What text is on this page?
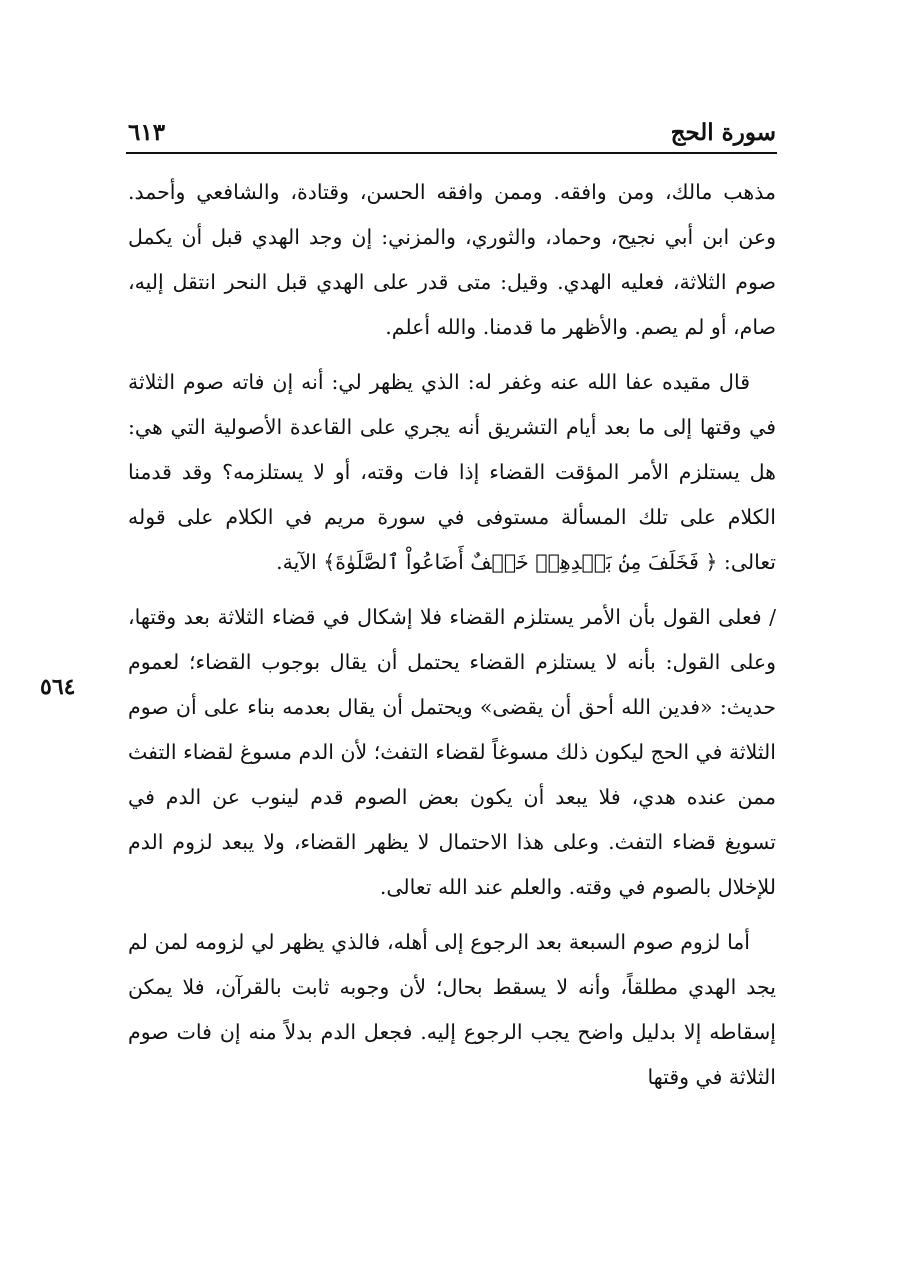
سورة الحج
٦١٣
٥٦٤

مذهب مالك، ومن وافقه. وممن وافقه الحسن، وقتادة، والشافعي وأحمد. وعن ابن أبي نجيح، وحماد، والثوري، والمزني: إن وجد الهدي قبل أن يكمل صوم الثلاثة، فعليه الهدي. وقيل: متى قدر على الهدي قبل النحر انتقل إليه، صام، أو لم يصم. والأظهر ما قدمنا. والله أعلم.

قال مقيده عفا الله عنه وغفر له: الذي يظهر لي: أنه إن فاته صوم الثلاثة في وقتها إلى ما بعد أيام التشريق أنه يجري على القاعدة الأصولية التي هي: هل يستلزم الأمر المؤقت القضاء إذا فات وقته، أو لا يستلزمه؟ وقد قدمنا الكلام على تلك المسألة مستوفى في سورة مريم في الكلام على قوله تعالى: ﴿ فَخَلَفَ مِنۢ بَعۡدِهِمۡ خَلۡفٌ أَضَاعُواْ ٱلصَّلَوٰةَ﴾ الآية.

/ فعلى القول بأن الأمر يستلزم القضاء فلا إشكال في قضاء الثلاثة بعد وقتها، وعلى القول: بأنه لا يستلزم القضاء يحتمل أن يقال بوجوب القضاء؛ لعموم حديث: «فدين الله أحق أن يقضى» ويحتمل أن يقال بعدمه بناء على أن صوم الثلاثة في الحج ليكون ذلك مسوغاً لقضاء التفث؛ لأن الدم مسوغ لقضاء التفث ممن عنده هدي، فلا يبعد أن يكون بعض الصوم قدم لينوب عن الدم في تسويغ قضاء التفث. وعلى هذا الاحتمال لا يظهر القضاء، ولا يبعد لزوم الدم للإخلال بالصوم في وقته. والعلم عند الله تعالى.

أما لزوم صوم السبعة بعد الرجوع إلى أهله، فالذي يظهر لي لزومه لمن لم يجد الهدي مطلقاً، وأنه لا يسقط بحال؛ لأن وجوبه ثابت بالقرآن، فلا يمكن إسقاطه إلا بدليل واضح يجب الرجوع إليه. فجعل الدم بدلاً منه إن فات صوم الثلاثة في وقتها
